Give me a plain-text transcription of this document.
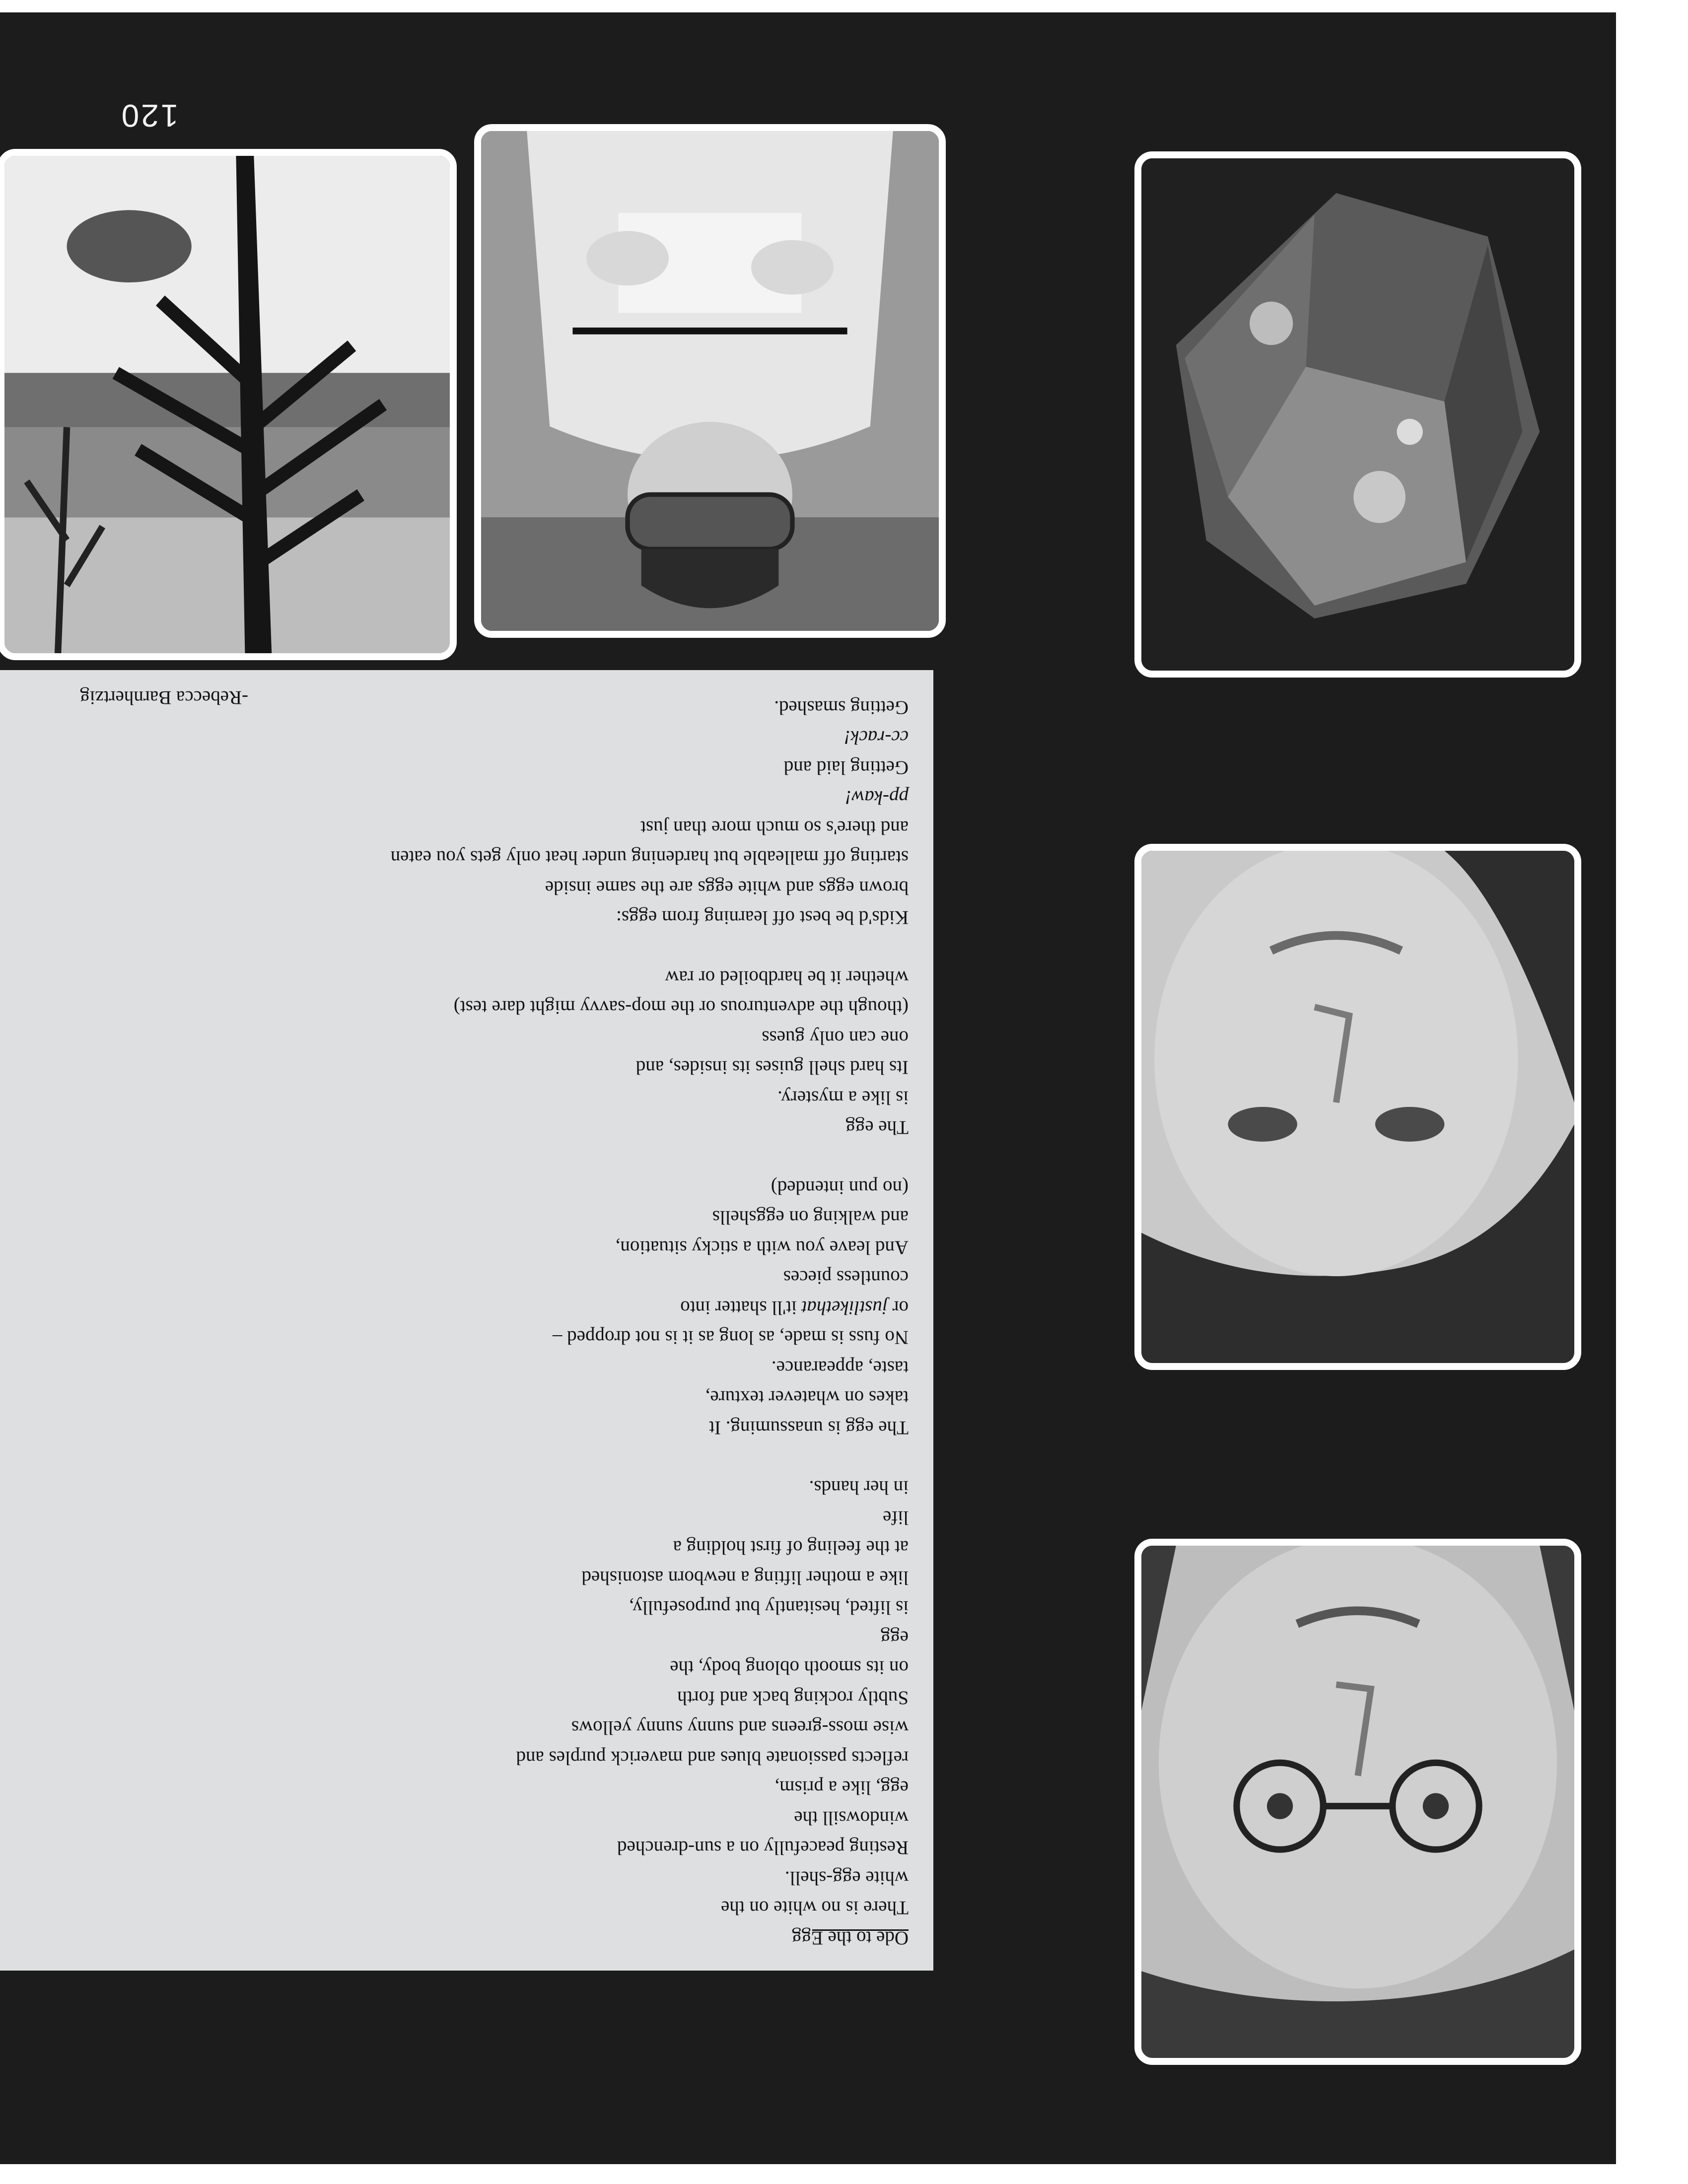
120
Ode to the Egg
There is no white on the
white egg-shell.
Resting peacefully on a sun-drenched
windowsill the
egg, like a prism,
reflects passionate blues and maverick purples and
wise moss-greens and sunny sunny yellows
Subtly rocking back and forth
on its smooth oblong body, the
egg
is lifted, hesitantly but purposefully,
like a mother lifting a newborn astonished
at the feeling of first holding a
life
in her hands.
The egg is unassuming. It
takes on whatever texture,
taste, appearance.
No fuss is made, as long as it is not dropped –
or justlikethat it'll shatter into
countless pieces
And leave you with a sticky situation,
and walking on eggshells
(no pun intended)
The egg
is like a mystery.
Its hard shell guises its insides, and
one can only guess
(though the adventurous or the mop-savvy might dare test)
whether it be hardboiled or raw
Kids'd be best off learning from eggs:
brown eggs and white eggs are the same inside
starting off malleable but hardening under heat only gets you eaten
and there's so much more than just
pp-kaw!
Getting laid and
cc-rack!
Getting smashed.
-Rebecca Barnhertzig
